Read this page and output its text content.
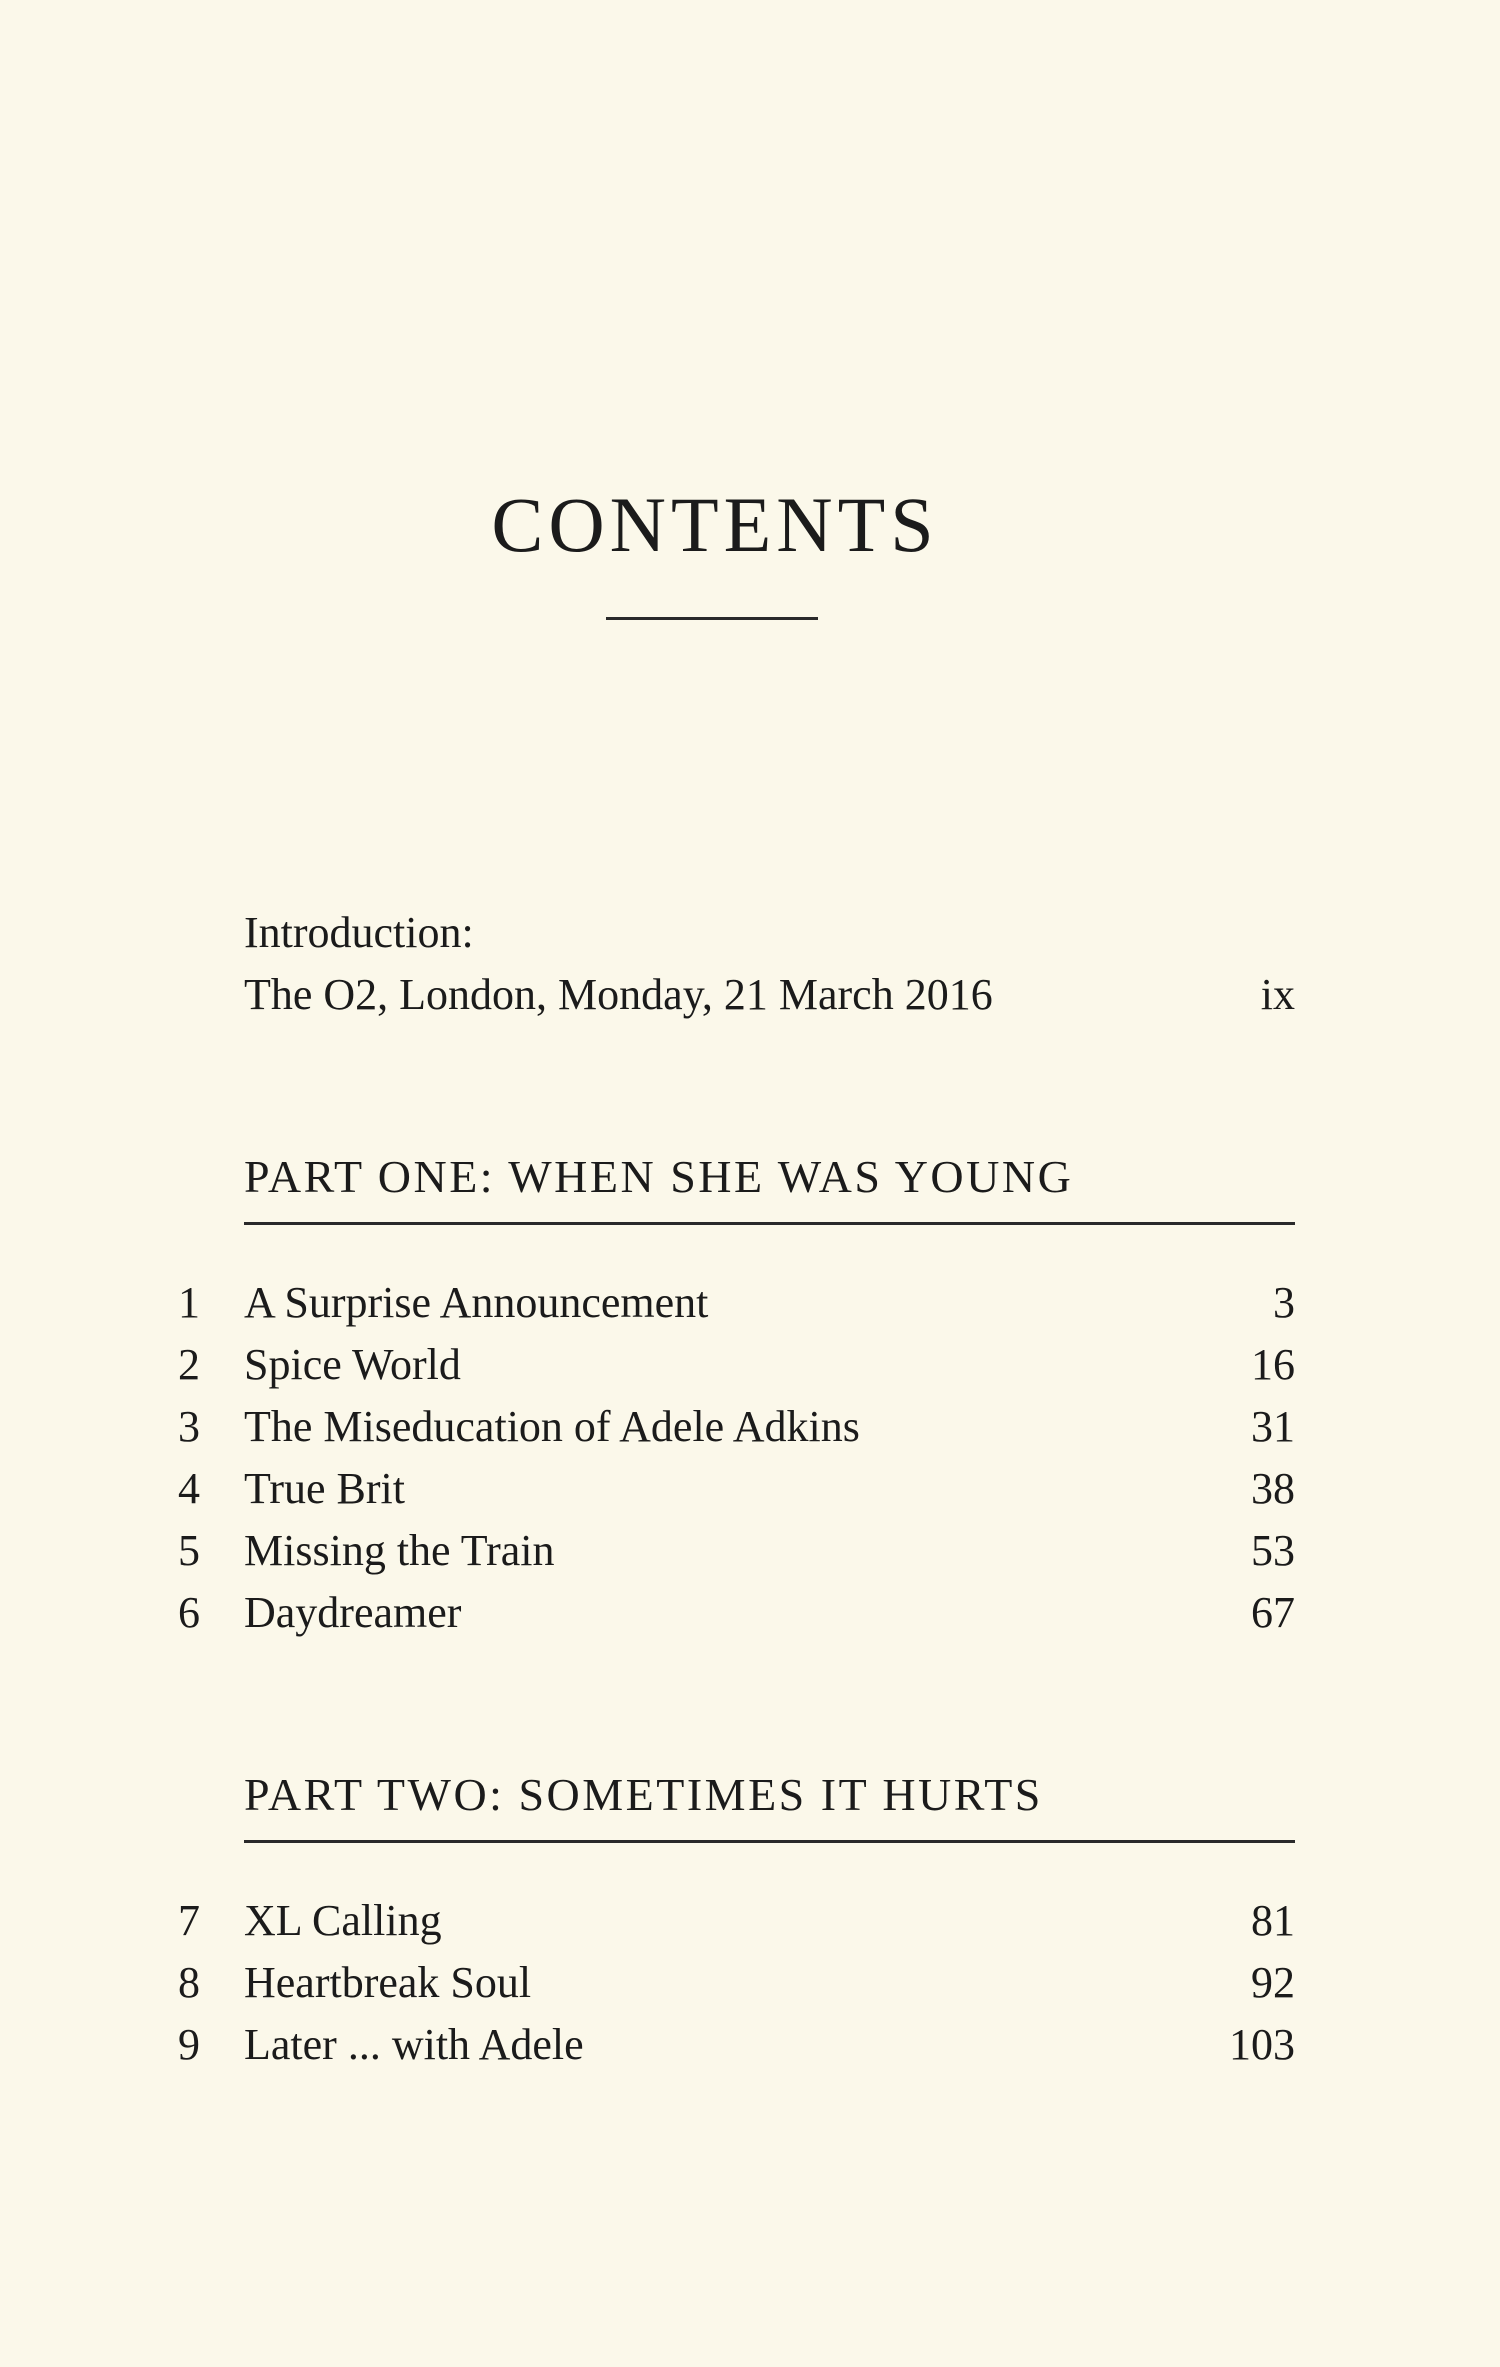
CONTENTS
Introduction:
The O2, London, Monday, 21 March 2016	ix
PART ONE: WHEN SHE WAS YOUNG
1 A Surprise Announcement	3
2 Spice World	16
3 The Miseducation of Adele Adkins	31
4 True Brit	38
5 Missing the Train	53
6 Daydreamer	67
PART TWO: SOMETIMES IT HURTS
7 XL Calling	81
8 Heartbreak Soul	92
9 Later ... with Adele	103
